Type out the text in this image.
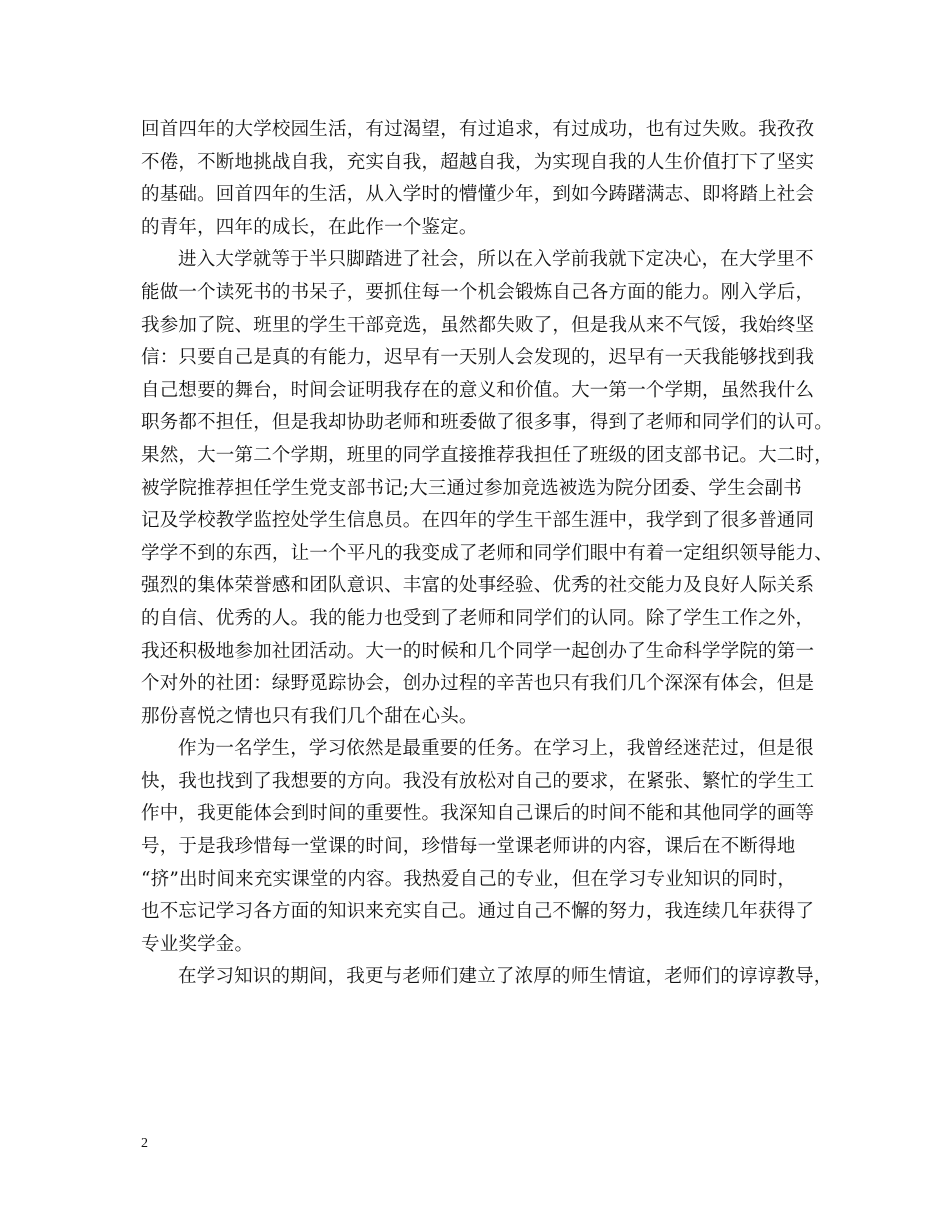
回首四年的大学校园生活，有过渴望，有过追求，有过成功，也有过失败。我孜孜
不倦，不断地挑战自我，充实自我，超越自我，为实现自我的人生价值打下了坚实
的基础。回首四年的生活，从入学时的懵懂少年，到如今踌躇满志、即将踏上社会
的青年，四年的成长，在此作一个鉴定。
进入大学就等于半只脚踏进了社会，所以在入学前我就下定决心，在大学里不
能做一个读死书的书呆子，要抓住每一个机会锻炼自己各方面的能力。刚入学后，
我参加了院、班里的学生干部竞选，虽然都失败了，但是我从来不气馁，我始终坚
信：只要自己是真的有能力，迟早有一天别人会发现的，迟早有一天我能够找到我
自己想要的舞台，时间会证明我存在的意义和价值。大一第一个学期，虽然我什么
职务都不担任，但是我却协助老师和班委做了很多事，得到了老师和同学们的认可。
果然，大一第二个学期，班里的同学直接推荐我担任了班级的团支部书记。大二时，
被学院推荐担任学生党支部书记;大三通过参加竞选被选为院分团委、学生会副书
记及学校教学监控处学生信息员。在四年的学生干部生涯中，我学到了很多普通同
学学不到的东西，让一个平凡的我变成了老师和同学们眼中有着一定组织领导能力、
强烈的集体荣誉感和团队意识、丰富的处事经验、优秀的社交能力及良好人际关系
的自信、优秀的人。我的能力也受到了老师和同学们的认同。除了学生工作之外，
我还积极地参加社团活动。大一的时候和几个同学一起创办了生命科学学院的第一
个对外的社团：绿野觅踪协会，创办过程的辛苦也只有我们几个深深有体会，但是
那份喜悦之情也只有我们几个甜在心头。
作为一名学生，学习依然是最重要的任务。在学习上，我曾经迷茫过，但是很
快，我也找到了我想要的方向。我没有放松对自己的要求，在紧张、繁忙的学生工
作中，我更能体会到时间的重要性。我深知自己课后的时间不能和其他同学的画等
号，于是我珍惜每一堂课的时间，珍惜每一堂课老师讲的内容，课后在不断得地
“挤”出时间来充实课堂的内容。我热爱自己的专业，但在学习专业知识的同时，
也不忘记学习各方面的知识来充实自己。通过自己不懈的努力，我连续几年获得了
专业奖学金。
在学习知识的期间，我更与老师们建立了浓厚的师生情谊，老师们的谆谆教导，
2
